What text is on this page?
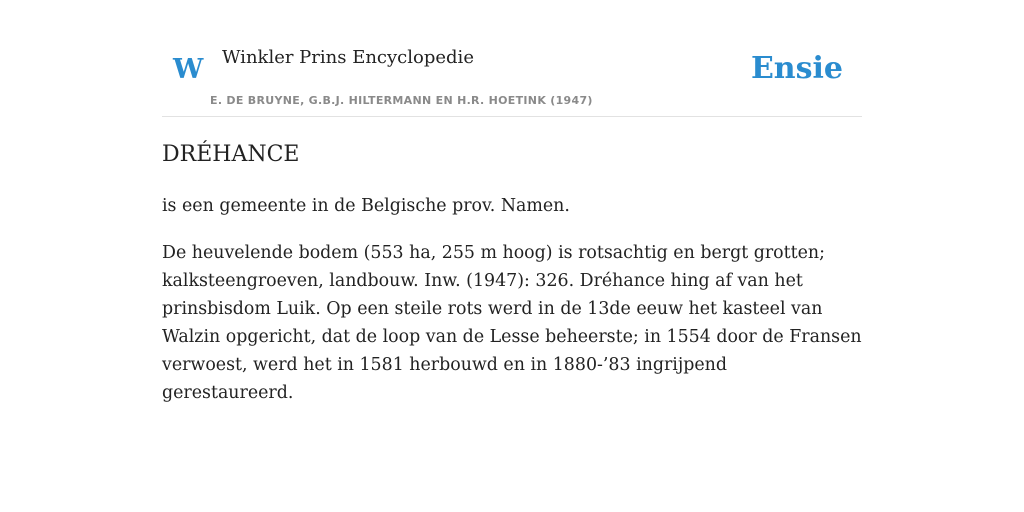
W Winkler Prins Encyclopedie
E. DE BRUYNE, G.B.J. HILTERMANN EN H.R. HOETINK (1947)
Ensie
DRÉHANCE

is een gemeente in de Belgische prov. Namen.

De heuvelende bodem (553 ha, 255 m hoog) is rotsachtig en bergt grotten; kalksteengroeven, landbouw. Inw. (1947): 326. Dréhance hing af van het prinsbisdom Luik. Op een steile rots werd in de 13de eeuw het kasteel van Walzin opgericht, dat de loop van de Lesse beheerste; in 1554 door de Fransen verwoest, werd het in 1581 herbouwd en in 1880-’83 ingrijpend gerestaureerd.
